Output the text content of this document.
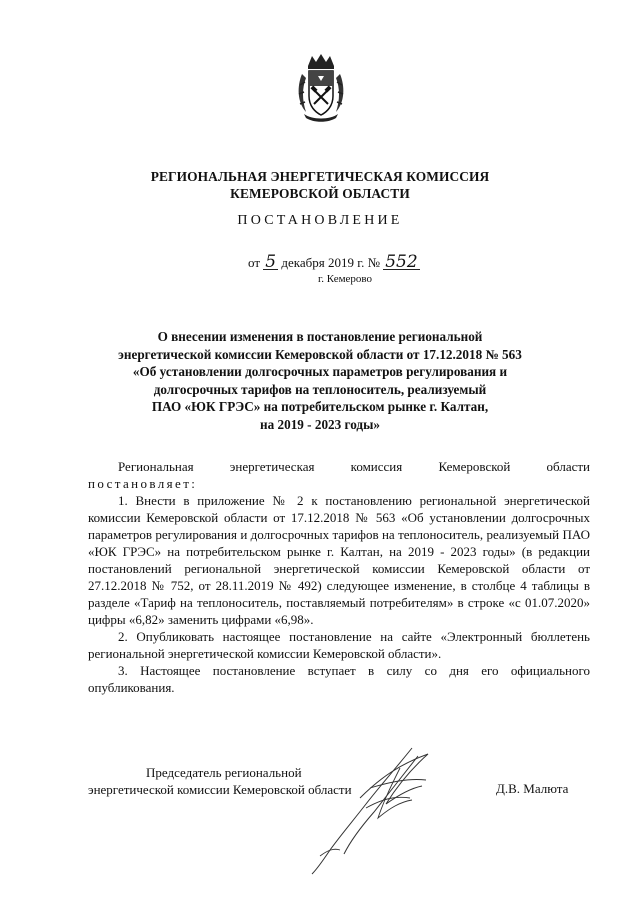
РЕГИОНАЛЬНАЯ ЭНЕРГЕТИЧЕСКАЯ КОМИССИЯ
КЕМЕРОВСКОЙ ОБЛАСТИ
ПОСТАНОВЛЕНИЕ
от 5 декабря 2019 г. № 552
г. Кемерово
О внесении изменения в постановление региональной
энергетической комиссии Кемеровской области от 17.12.2018 № 563
«Об установлении долгосрочных параметров регулирования и
долгосрочных тарифов на теплоноситель, реализуемый
ПАО «ЮК ГРЭС» на потребительском рынке г. Калтан,
на 2019 - 2023 годы»

Региональная энергетическая комиссия Кемеровской области

постановляет:

1. Внести в приложение № 2 к постановлению региональной энергетической комиссии Кемеровской области от 17.12.2018 № 563 «Об установлении долгосрочных параметров регулирования и долгосрочных тарифов на теплоноситель, реализуемый ПАО «ЮК ГРЭС» на потребительском рынке г. Калтан, на 2019 - 2023 годы» (в редакции постановлений региональной энергетической комиссии Кемеровской области от 27.12.2018 № 752, от 28.11.2019 № 492) следующее изменение, в столбце 4 таблицы в разделе «Тариф на теплоноситель, поставляемый потребителям» в строке «с 01.07.2020» цифры «6,82» заменить цифрами «6,98».

2. Опубликовать настоящее постановление на сайте «Электронный бюллетень региональной энергетической комиссии Кемеровской области».

3. Настоящее постановление вступает в силу со дня его официального опубликования.

Председатель региональной
энергетической комиссии Кемеровской области	Д.В. Малюта
